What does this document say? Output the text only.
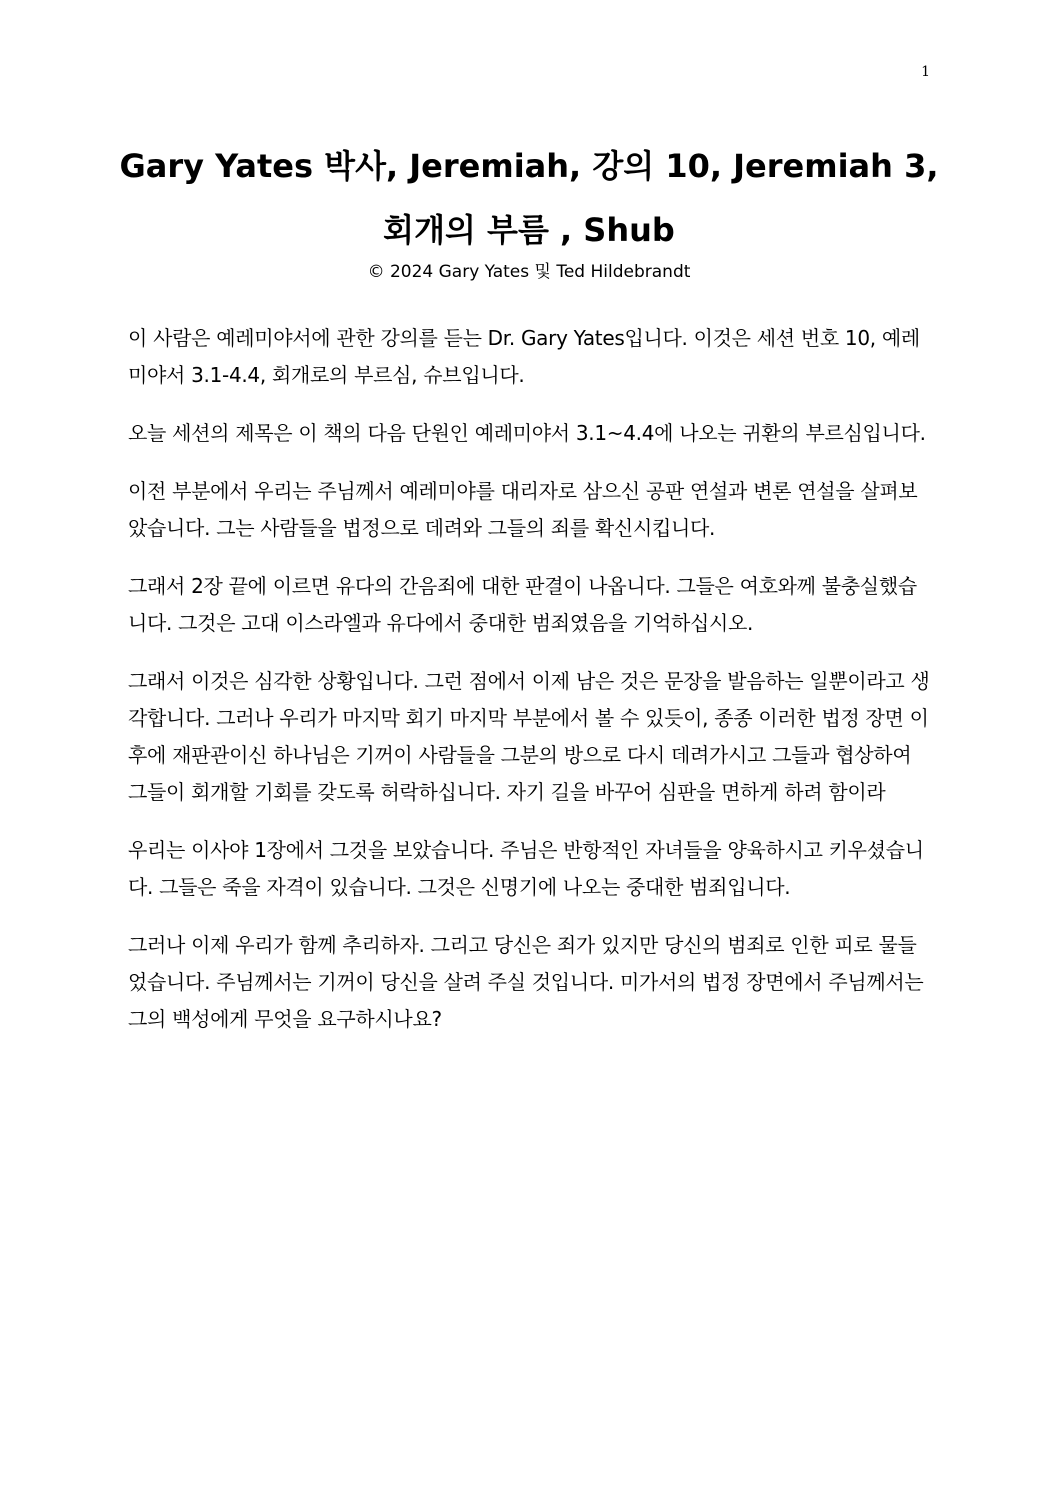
1
Gary Yates 박사, Jeremiah, 강의 10, Jeremiah 3, 회개의 부름 , Shub
© 2024 Gary Yates 및 Ted Hildebrandt

이 사람은 예레미야서에 관한 강의를 듣는 Dr. Gary Yates입니다. 이것은 세션 번호 10, 예레미야서 3.1-4.4, 회개로의 부르심, 슈브입니다.

오늘 세션의 제목은 이 책의 다음 단원인 예레미야서 3.1~4.4에 나오는 귀환의 부르심입니다.

이전 부분에서 우리는 주님께서 예레미야를 대리자로 삼으신 공판 연설과 변론 연설을 살펴보았습니다. 그는 사람들을 법정으로 데려와 그들의 죄를 확신시킵니다.

그래서 2장 끝에 이르면 유다의 간음죄에 대한 판결이 나옵니다. 그들은 여호와께 불충실했습니다. 그것은 고대 이스라엘과 유다에서 중대한 범죄였음을 기억하십시오.

그래서 이것은 심각한 상황입니다. 그런 점에서 이제 남은 것은 문장을 발음하는 일뿐이라고 생각합니다. 그러나 우리가 마지막 회기 마지막 부분에서 볼 수 있듯이, 종종 이러한 법정 장면 이후에 재판관이신 하나님은 기꺼이 사람들을 그분의 방으로 다시 데려가시고 그들과 협상하여 그들이 회개할 기회를 갖도록 허락하십니다. 자기 길을 바꾸어 심판을 면하게 하려 함이라

우리는 이사야 1장에서 그것을 보았습니다. 주님은 반항적인 자녀들을 양육하시고 키우셨습니다. 그들은 죽을 자격이 있습니다. 그것은 신명기에 나오는 중대한 범죄입니다.

그러나 이제 우리가 함께 추리하자. 그리고 당신은 죄가 있지만 당신의 범죄로 인한 피로 물들었습니다. 주님께서는 기꺼이 당신을 살려 주실 것입니다. 미가서의 법정 장면에서 주님께서는 그의 백성에게 무엇을 요구하시나요?
